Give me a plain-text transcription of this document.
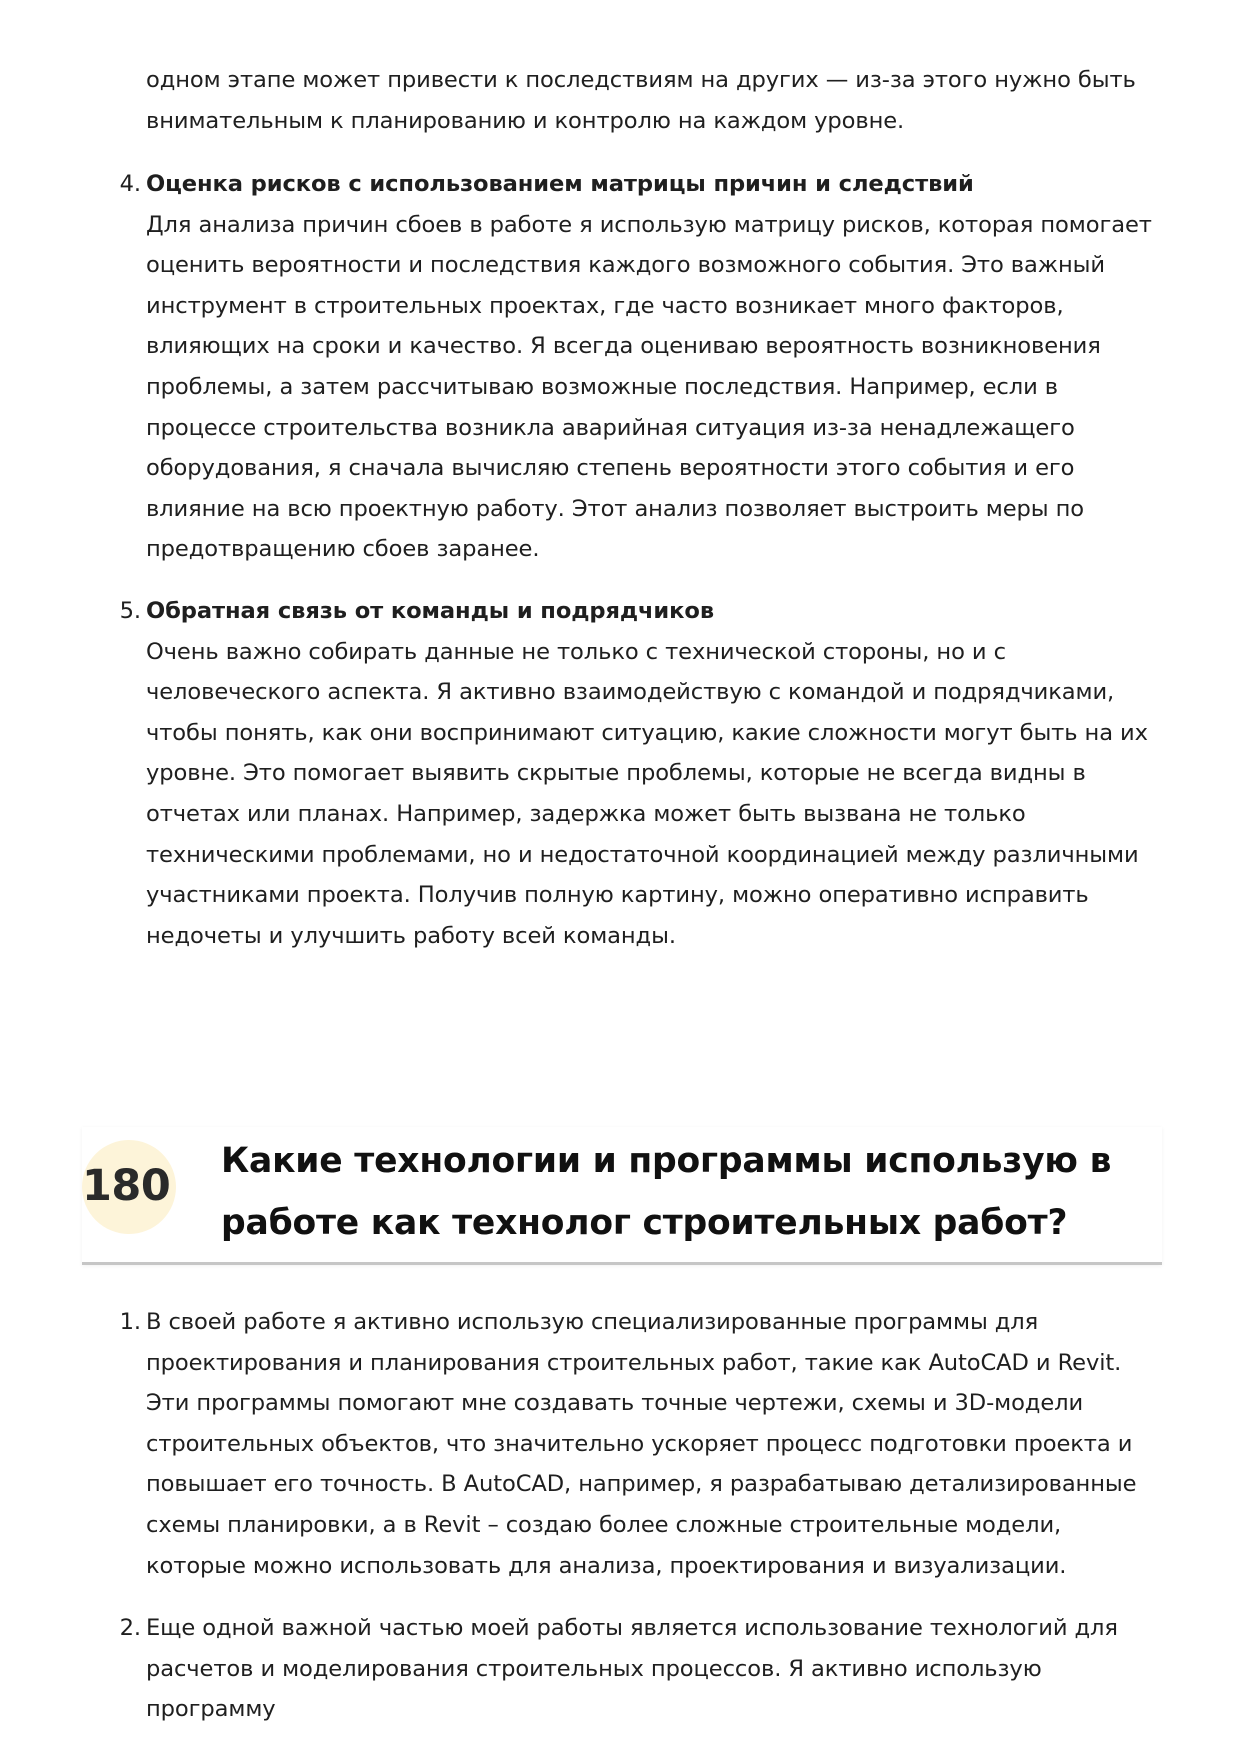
одном этапе может привести к последствиям на других — из-за этого нужно быть внимательным к планированию и контролю на каждом уровне.

4. Оценка рисков с использованием матрицы причин и следствий
Для анализа причин сбоев в работе я использую матрицу рисков, которая помогает оценить вероятности и последствия каждого возможного события. Это важный инструмент в строительных проектах, где часто возникает много факторов, влияющих на сроки и качество. Я всегда оцениваю вероятность возникновения проблемы, а затем рассчитываю возможные последствия. Например, если в процессе строительства возникла аварийная ситуация из-за ненадлежащего оборудования, я сначала вычисляю степень вероятности этого события и его влияние на всю проектную работу. Этот анализ позволяет выстроить меры по предотвращению сбоев заранее.
5. Обратная связь от команды и подрядчиков
Очень важно собирать данные не только с технической стороны, но и с человеческого аспекта. Я активно взаимодействую с командой и подрядчиками, чтобы понять, как они воспринимают ситуацию, какие сложности могут быть на их уровне. Это помогает выявить скрытые проблемы, которые не всегда видны в отчетах или планах. Например, задержка может быть вызвана не только техническими проблемами, но и недостаточной координацией между различными участниками проекта. Получив полную картину, можно оперативно исправить недочеты и улучшить работу всей команды.
180 Какие технологии и программы использую в работе как технолог строительных работ?
1. В своей работе я активно использую специализированные программы для проектирования и планирования строительных работ, такие как AutoCAD и Revit. Эти программы помогают мне создавать точные чертежи, схемы и 3D-модели строительных объектов, что значительно ускоряет процесс подготовки проекта и повышает его точность. В AutoCAD, например, я разрабатываю детализированные схемы планировки, а в Revit – создаю более сложные строительные модели, которые можно использовать для анализа, проектирования и визуализации.
2. Еще одной важной частью моей работы является использование технологий для расчетов и моделирования строительных процессов. Я активно использую программу
